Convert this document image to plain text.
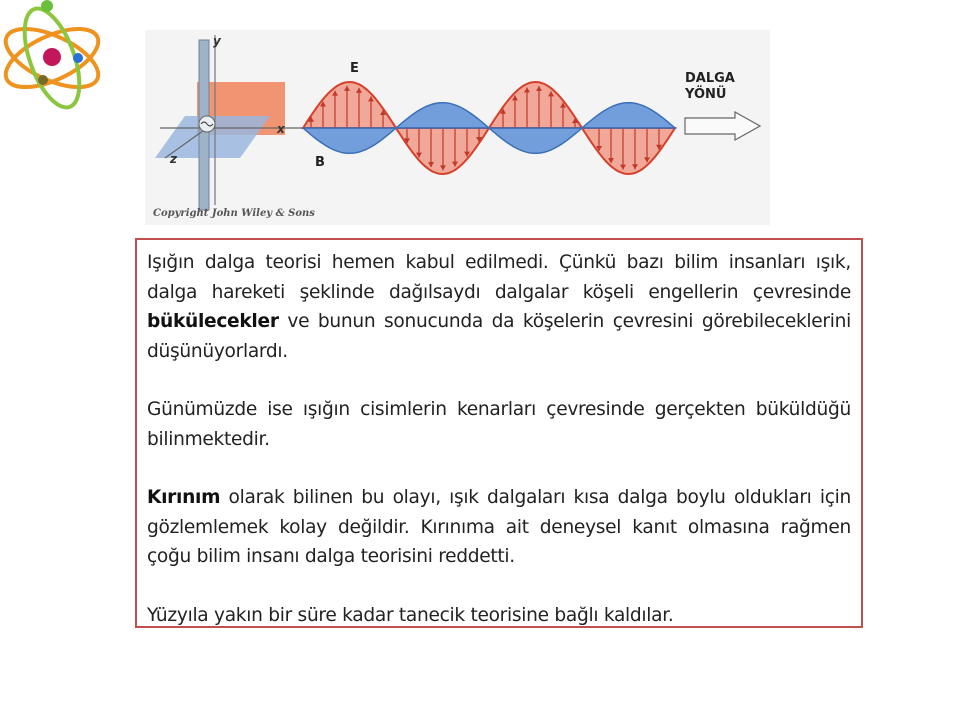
y
x
z
E
B
DALGA
YÖNÜ
Copyright John Wiley & Sons

Işığın dalga teorisi hemen kabul edilmedi. Çünkü bazı bilim insanları ışık, dalga hareketi şeklinde dağılsaydı dalgalar köşeli engellerin çevresinde bükülecekler ve bunun sonucunda da köşelerin çevresini görebileceklerini düşünüyorlardı.

Günümüzde ise ışığın cisimlerin kenarları çevresinde gerçekten büküldüğü bilinmektedir.

Kırınım olarak bilinen bu olayı, ışık dalgaları kısa dalga boylu oldukları için gözlemlemek kolay değildir. Kırınıma ait deneysel kanıt olmasına rağmen çoğu bilim insanı dalga teorisini reddetti.

Yüzyıla yakın bir süre kadar tanecik teorisine bağlı kaldılar.
